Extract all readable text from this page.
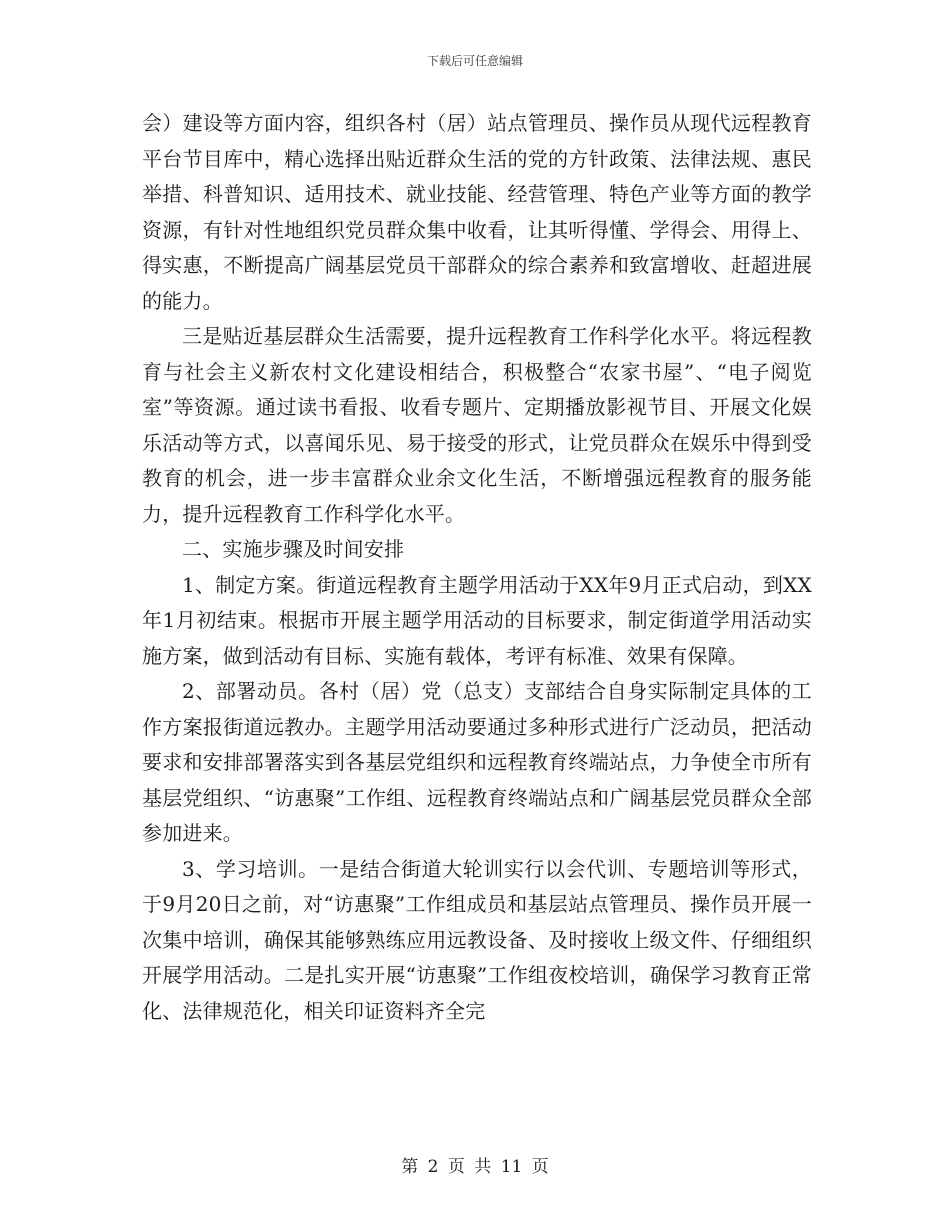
下载后可任意编辑

会）建设等方面内容，组织各村（居）站点管理员、操作员从现代远程教育平台节目库中，精心选择出贴近群众生活的党的方针政策、法律法规、惠民举措、科普知识、适用技术、就业技能、经营管理、特色产业等方面的教学资源，有针对性地组织党员群众集中收看，让其听得懂、学得会、用得上、得实惠，不断提高广阔基层党员干部群众的综合素养和致富增收、赶超进展的能力。

三是贴近基层群众生活需要，提升远程教育工作科学化水平。将远程教育与社会主义新农村文化建设相结合，积极整合“农家书屋”、“电子阅览室”等资源。通过读书看报、收看专题片、定期播放影视节目、开展文化娱乐活动等方式，以喜闻乐见、易于接受的形式，让党员群众在娱乐中得到受教育的机会，进一步丰富群众业余文化生活，不断增强远程教育的服务能力，提升远程教育工作科学化水平。

二、实施步骤及时间安排

1、制定方案。街道远程教育主题学用活动于XX年9月正式启动，到XX年1月初结束。根据市开展主题学用活动的目标要求，制定街道学用活动实施方案，做到活动有目标、实施有载体，考评有标准、效果有保障。

2、部署动员。各村（居）党（总支）支部结合自身实际制定具体的工作方案报街道远教办。主题学用活动要通过多种形式进行广泛动员，把活动要求和安排部署落实到各基层党组织和远程教育终端站点，力争使全市所有基层党组织、“访惠聚”工作组、远程教育终端站点和广阔基层党员群众全部参加进来。

3、学习培训。一是结合街道大轮训实行以会代训、专题培训等形式，于9月20日之前，对“访惠聚”工作组成员和基层站点管理员、操作员开展一次集中培训，确保其能够熟练应用远教设备、及时接收上级文件、仔细组织开展学用活动。二是扎实开展“访惠聚”工作组夜校培训，确保学习教育正常化、法律规范化，相关印证资料齐全完

第 2 页 共 11 页
